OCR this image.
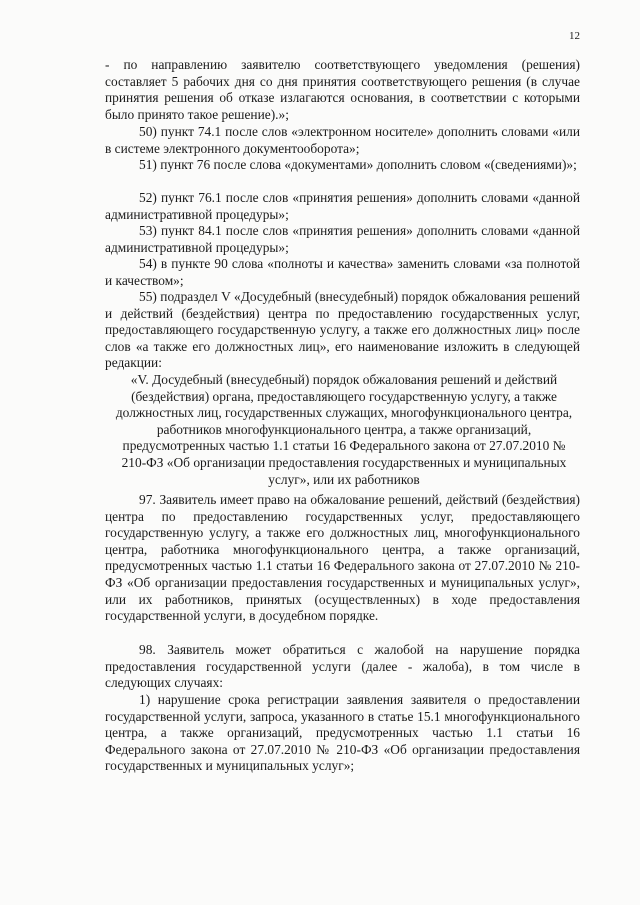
12

- по направлению заявителю соответствующего уведомления (решения) составляет 5 рабочих дня со дня принятия соответствующего решения (в случае принятия решения об отказе излагаются основания, в соответствии с которыми было принято такое решение).»;

50) пункт 74.1 после слов «электронном носителе» дополнить словами «или в системе электронного документооборота»;

51) пункт 76 после слова «документами» дополнить словом «(сведениями)»;

52) пункт 76.1 после слов «принятия решения» дополнить словами «данной административной процедуры»;

53) пункт 84.1 после слов «принятия решения» дополнить словами «данной административной процедуры»;

54) в пункте 90 слова «полноты и качества» заменить словами «за полнотой и качеством»;

55) подраздел V «Досудебный (внесудебный) порядок обжалования решений и действий (бездействия) центра по предоставлению государственных услуг, предоставляющего государственную услугу, а также его должностных лиц» после слов «а также его должностных лиц», его наименование изложить в следующей редакции:

«V. Досудебный (внесудебный) порядок обжалования решений и действий (бездействия) органа, предоставляющего государственную услугу, а также должностных лиц, государственных служащих, многофункционального центра, работников многофункционального центра, а также организаций, предусмотренных частью 1.1 статьи 16 Федерального закона от 27.07.2010 № 210-ФЗ «Об организации предоставления государственных и муниципальных услуг», или их работников

97. Заявитель имеет право на обжалование решений, действий (бездействия) центра по предоставлению государственных услуг, предоставляющего государственную услугу, а также его должностных лиц, многофункционального центра, работника многофункционального центра, а также организаций, предусмотренных частью 1.1 статьи 16 Федерального закона от 27.07.2010 № 210-ФЗ «Об организации предоставления государственных и муниципальных услуг», или их работников, принятых (осуществленных) в ходе предоставления государственной услуги, в досудебном порядке.

98. Заявитель может обратиться с жалобой на нарушение порядка предоставления государственной услуги (далее - жалоба), в том числе в следующих случаях:

1) нарушение срока регистрации заявления заявителя о предоставлении государственной услуги, запроса, указанного в статье 15.1 многофункционального центра, а также организаций, предусмотренных частью 1.1 статьи 16 Федерального закона от 27.07.2010 № 210-ФЗ «Об организации предоставления государственных и муниципальных услуг»;
